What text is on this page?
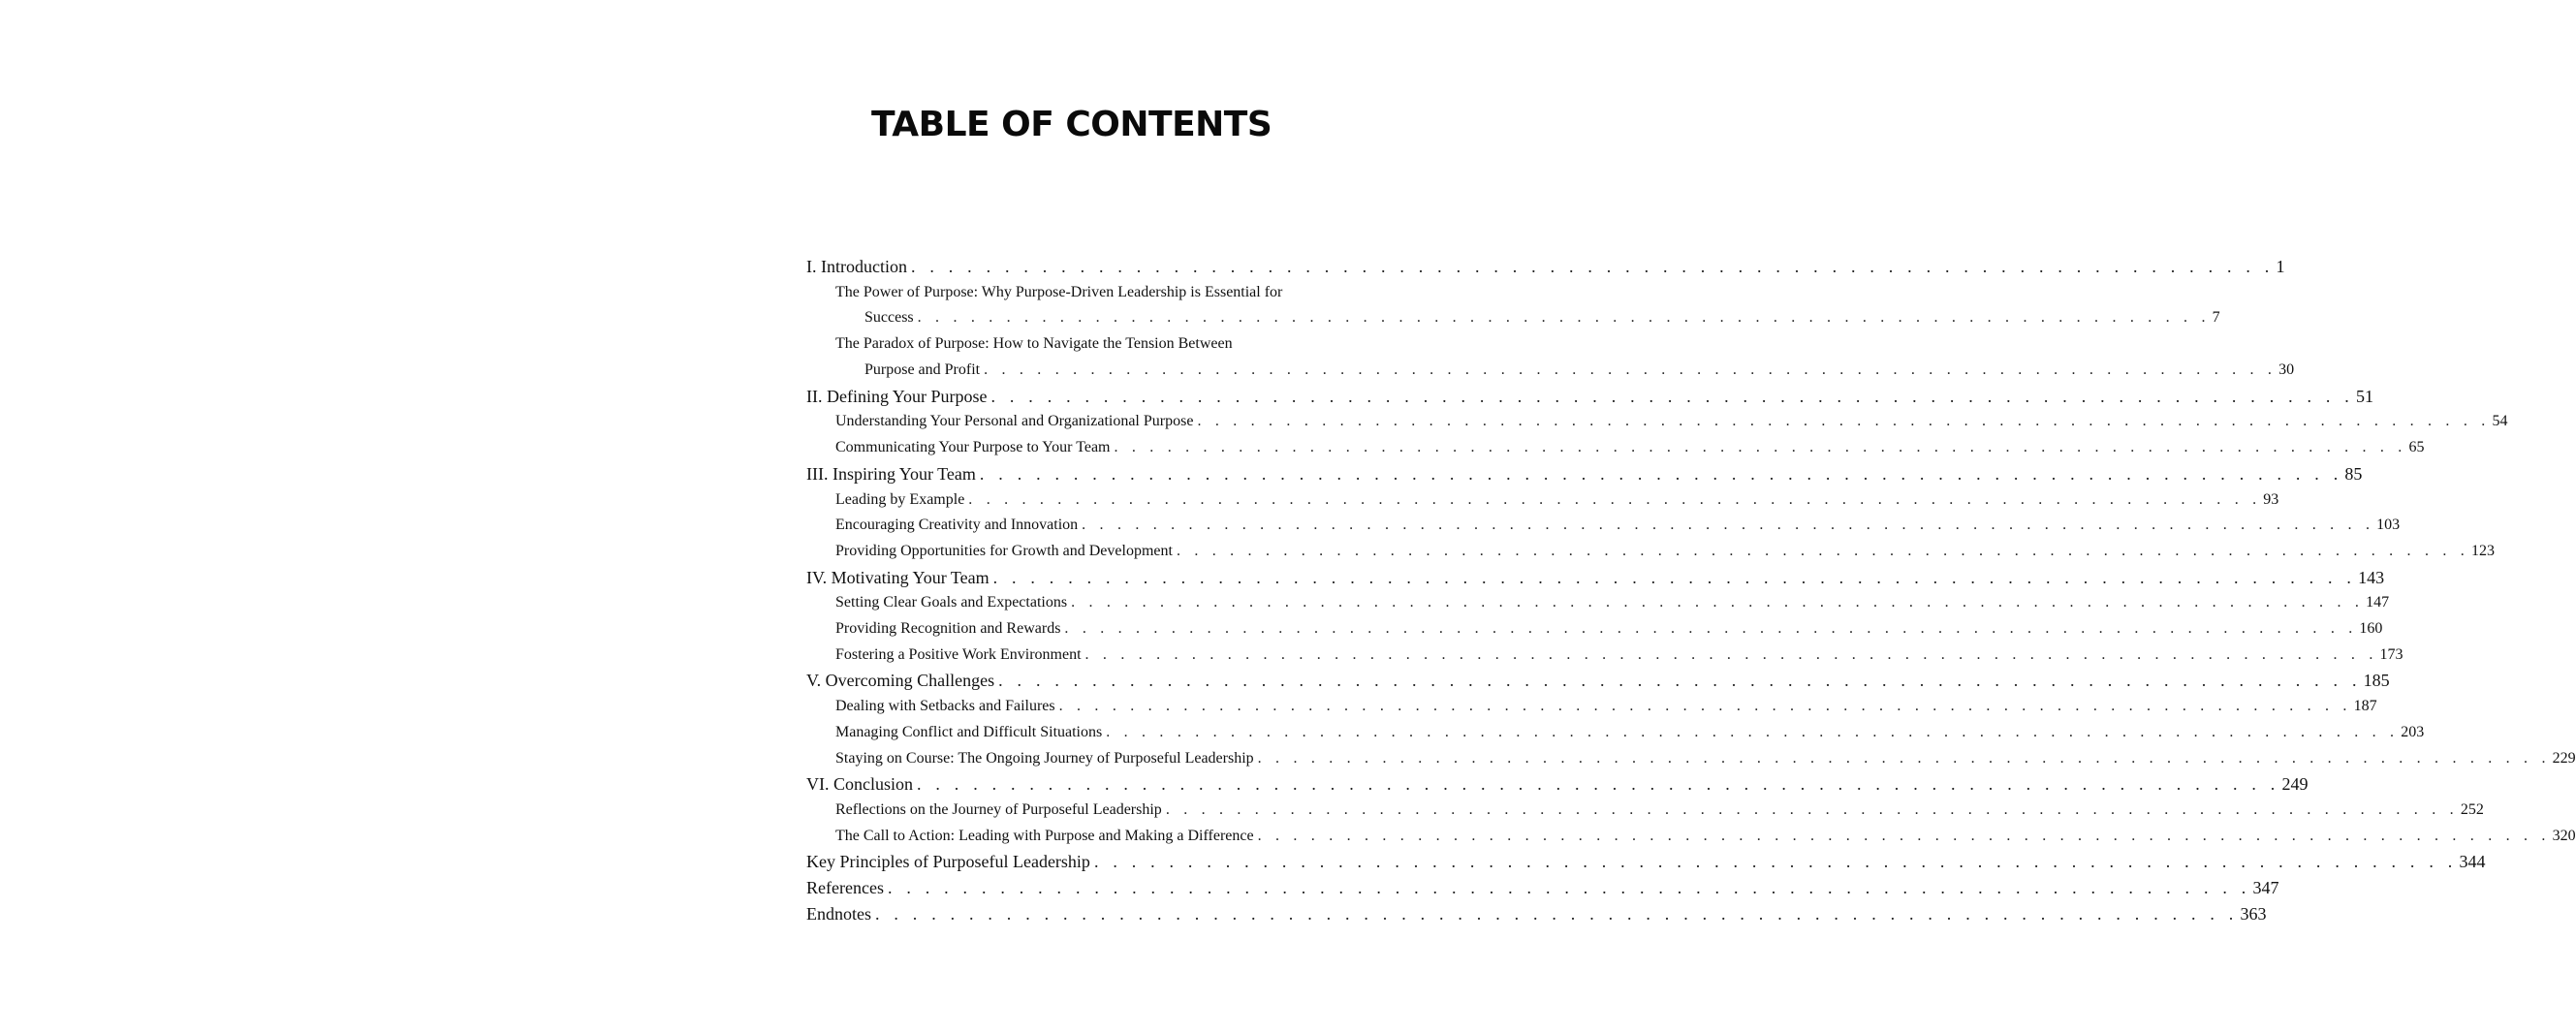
TABLE OF CONTENTS
I. Introduction . . . . . . . . . . . . . . . . . . . . . . . . . . . . . . . . . . . . . . . . . . . . . . . . . . . . . . . . . . . . . . . . . . . . . . . . . 1
The Power of Purpose: Why Purpose-Driven Leadership is Essential for
Success . . . . . . . . . . . . . . . . . . . . . . . . . . . . . . . . . . . . . . . . . . . . . . . . . . . . . . . . . . . . . . . . . . . . . . . . . 7
The Paradox of Purpose: How to Navigate the Tension Between
Purpose and Profit . . . . . . . . . . . . . . . . . . . . . . . . . . . . . . . . . . . . . . . . . . . . . . . . . . . . . . . . . . . . . . . . . . . . . . . . . 30
II. Defining Your Purpose . . . . . . . . . . . . . . . . . . . . . . . . . . . . . . . . . . . . . . . . . . . . . . . . . . . . . . . . . . . . . . . . . . . . . . . . . 51
Understanding Your Personal and Organizational Purpose . . . . . . . . . . . . . . . . . . . . . . . . . . . . . . . . . . . . . . . . . . . . . . . . . . . . . . . . . . . . . . . . . . . . . . . . . 54
Communicating Your Purpose to Your Team . . . . . . . . . . . . . . . . . . . . . . . . . . . . . . . . . . . . . . . . . . . . . . . . . . . . . . . . . . . . . . . . . . . . . . . . . 65
III. Inspiring Your Team . . . . . . . . . . . . . . . . . . . . . . . . . . . . . . . . . . . . . . . . . . . . . . . . . . . . . . . . . . . . . . . . . . . . . . . . . 85
Leading by Example . . . . . . . . . . . . . . . . . . . . . . . . . . . . . . . . . . . . . . . . . . . . . . . . . . . . . . . . . . . . . . . . . . . . . . . . . 93
Encouraging Creativity and Innovation . . . . . . . . . . . . . . . . . . . . . . . . . . . . . . . . . . . . . . . . . . . . . . . . . . . . . . . . . . . . . . . . . . . . . . . . . 103
Providing Opportunities for Growth and Development . . . . . . . . . . . . . . . . . . . . . . . . . . . . . . . . . . . . . . . . . . . . . . . . . . . . . . . . . . . . . . . . . . . . . . . . . 123
IV. Motivating Your Team . . . . . . . . . . . . . . . . . . . . . . . . . . . . . . . . . . . . . . . . . . . . . . . . . . . . . . . . . . . . . . . . . . . . . . . . . 143
Setting Clear Goals and Expectations . . . . . . . . . . . . . . . . . . . . . . . . . . . . . . . . . . . . . . . . . . . . . . . . . . . . . . . . . . . . . . . . . . . . . . . . . 147
Providing Recognition and Rewards . . . . . . . . . . . . . . . . . . . . . . . . . . . . . . . . . . . . . . . . . . . . . . . . . . . . . . . . . . . . . . . . . . . . . . . . . 160
Fostering a Positive Work Environment . . . . . . . . . . . . . . . . . . . . . . . . . . . . . . . . . . . . . . . . . . . . . . . . . . . . . . . . . . . . . . . . . . . . . . . . . 173
V. Overcoming Challenges . . . . . . . . . . . . . . . . . . . . . . . . . . . . . . . . . . . . . . . . . . . . . . . . . . . . . . . . . . . . . . . . . . . . . . . . . 185
Dealing with Setbacks and Failures . . . . . . . . . . . . . . . . . . . . . . . . . . . . . . . . . . . . . . . . . . . . . . . . . . . . . . . . . . . . . . . . . . . . . . . . . 187
Managing Conflict and Difficult Situations . . . . . . . . . . . . . . . . . . . . . . . . . . . . . . . . . . . . . . . . . . . . . . . . . . . . . . . . . . . . . . . . . . . . . . . . . 203
Staying on Course: The Ongoing Journey of Purposeful Leadership . . . . . . . . . . . . . . . . . . . . . . . . . . . . . . . . . . . . . . . . . . . . . . . . . . . . . . . . . . . . . . . . . . . . . . . . . 229
VI. Conclusion . . . . . . . . . . . . . . . . . . . . . . . . . . . . . . . . . . . . . . . . . . . . . . . . . . . . . . . . . . . . . . . . . . . . . . . . . 249
Reflections on the Journey of Purposeful Leadership . . . . . . . . . . . . . . . . . . . . . . . . . . . . . . . . . . . . . . . . . . . . . . . . . . . . . . . . . . . . . . . . . . . . . . . . . 252
The Call to Action: Leading with Purpose and Making a Difference . . . . . . . . . . . . . . . . . . . . . . . . . . . . . . . . . . . . . . . . . . . . . . . . . . . . . . . . . . . . . . . . . . . . . . . . . 320
Key Principles of Purposeful Leadership . . . . . . . . . . . . . . . . . . . . . . . . . . . . . . . . . . . . . . . . . . . . . . . . . . . . . . . . . . . . . . . . . . . . . . . . . 344
References . . . . . . . . . . . . . . . . . . . . . . . . . . . . . . . . . . . . . . . . . . . . . . . . . . . . . . . . . . . . . . . . . . . . . . . . . 347
Endnotes . . . . . . . . . . . . . . . . . . . . . . . . . . . . . . . . . . . . . . . . . . . . . . . . . . . . . . . . . . . . . . . . . . . . . . . . . 363
